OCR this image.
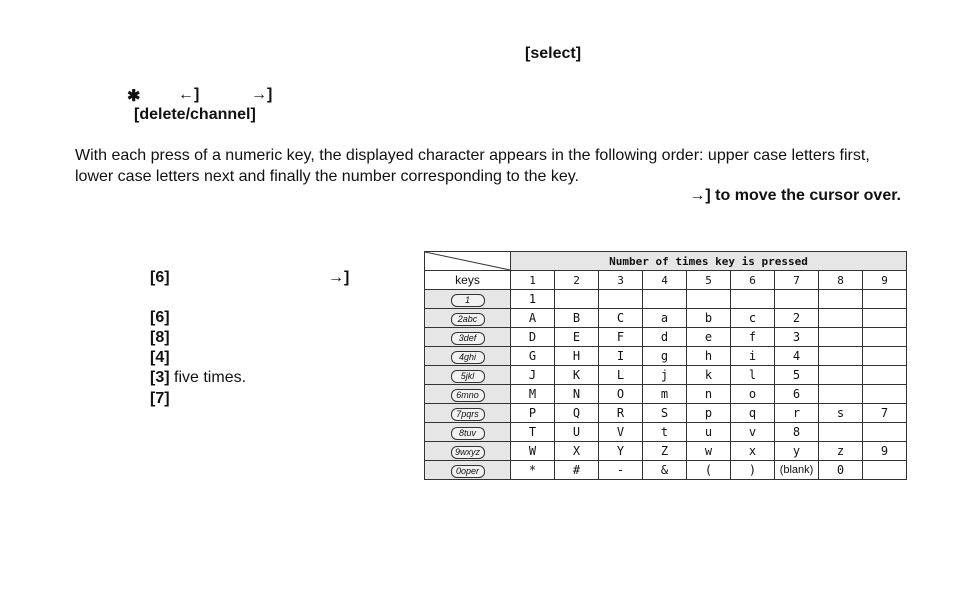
[select]
✱ ←]	→]
[delete/channel]
With each press of a numeric key, the displayed character appears in the following order: upper case letters first, lower case letters next and finally the number corresponding to the key.
→] to move the cursor over.
[6]	→]
[6]
[8]
[4]
[3] five times.
[7]
	Number of times key is pressed								
keys	1	2	3	4	5	6	7	8	9
1	1								
2abc	A	B	C	a	b	c	2		
3def	D	E	F	d	e	f	3		
4ghi	G	H	I	g	h	i	4		
5jkl	J	K	L	j	k	l	5		
6mno	M	N	O	m	n	o	6		
7pqrs	P	Q	R	S	p	q	r	s	7
8tuv	T	U	V	t	u	v	8		
9wxyz	W	X	Y	Z	w	x	y	z	9
0oper	*	#	-	&	(	)	(blank)	0	
